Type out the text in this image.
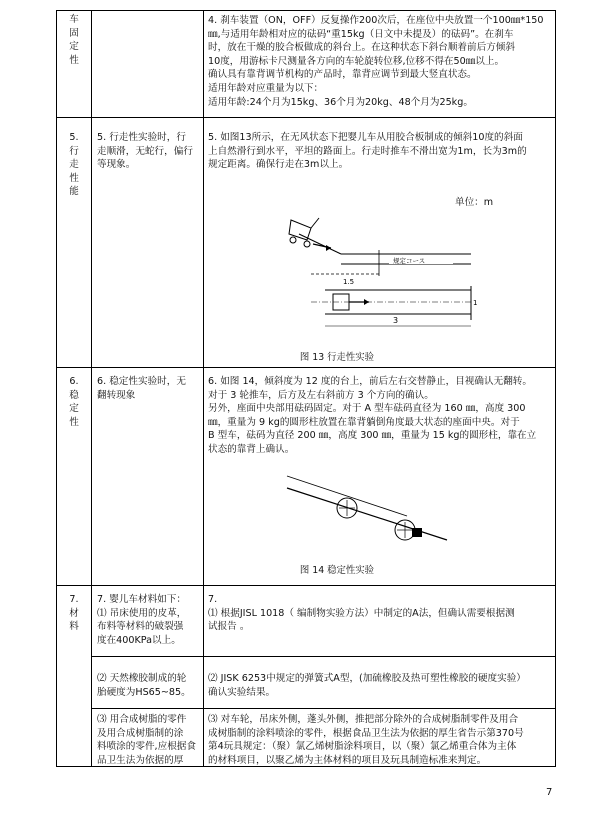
车
固
定
性

4. 刹车装置（ON，OFF）反复操作200次后，在座位中央放置一个100㎜*150

㎜,与适用年龄相对应的砝码“重15kg（日文中未提及）的砝码”。在刹车

时，放在干燥的胶合板做成的斜台上。在这种状态下斜台顺着前后方倾斜

10度，用游标卡尺测量各方向的车轮旋转位移,位移不得在50㎜以上。

确认具有靠背调节机构的产品时，靠背应调节到最大竖直状态。

适用年龄对应重量为以下：

适用年龄:24个月为15kg、36个月为20kg、48个月为25kg。

5.
行
走
性
能

5. 行走性实验时，行

走顺滑，无蛇行，偏行

等现象。

5. 如图13所示，在无风状态下把婴儿车从用胶合板制成的倾斜10度的斜面

上自然滑行到水平，平坦的路面上。行走时推车不滑出宽为1m，长为3m的

规定距离。确保行走在3m以上。

单位：m
1.5
规定コース
3
1
图 13 行走性实验
6.
稳
定
性

6. 稳定性实验时，无

翻转现象

6. 如图 14，倾斜度为 12 度的台上，前后左右交替静止，目视确认无翻转。

对于 3 轮推车，后方及左右斜前方 3 个方向的确认。

另外，座面中央部用砝码固定。对于 A 型车砝码直径为 160 ㎜，高度 300

㎜，重量为 9 kg的圆形柱放置在靠背躺倒角度最大状态的座面中央。对于

B 型车，砝码为直径 200 ㎜，高度 300 ㎜，重量为 15 kg的圆形柱，靠在立

状态的靠背上确认。

图 14 稳定性实验
7.
材
料

7. 婴儿车材料如下：

⑴ 吊床使用的皮革，

布料等材料的破裂强

度在400KPa以上。

7.

⑴ 根据JISL 1018（ 编制物实验方法）中制定的A法，但确认需要根据测

试报告 。

⑵ 天然橡胶制成的轮

胎硬度为HS65~85。

⑵ JISK 6253中规定的弹簧式A型，(加硫橡胶及热可塑性橡胶的硬度实验）

确认实验结果。

⑶ 用合成树脂的零件

及用合成树脂制的涂

料喷涂的零件,应根据食

品卫生法为依据的厚

⑶ 对车轮，吊床外侧，蓬头外侧，推把部分除外的合成树脂制零件及用合

成树脂制的涂料喷涂的零件，根据食品卫生法为依据的厚生省告示第370号

第4玩具规定：（聚）氯乙烯树脂涂料项目，以（聚）氯乙烯重合体为主体

的材料项目，以聚乙烯为主体材料的项目及玩具制造标准来判定。

7
